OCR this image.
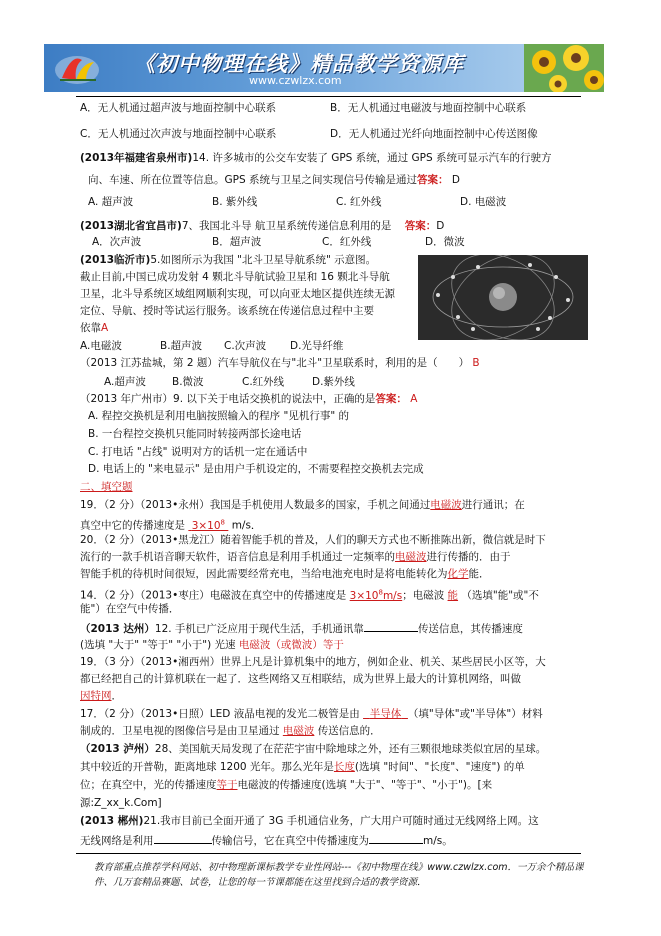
《初中物理在线》精品教学资源库
www.czwlzx.com
A．无人机通过超声波与地面控制中心联系	B．无人机通过电磁波与地面控制中心联系
C．无人机通过次声波与地面控制中心联系	D．无人机通过光纤向地面控制中心传送图像
(2013年福建省泉州市)14. 许多城市的公交车安装了 GPS 系统，通过 GPS 系统可显示汽车的行驶方
向、车速、所在位置等信息。GPS 系统与卫星之间实现信号传输是通过答案： D
A. 超声波	B. 紫外线	C. 红外线	D. 电磁波
(2013湖北省宜昌市)7、我国北斗导 航卫星系统传递信息利用的是 答案：D
A．次声波	B．超声波	C．红外线	D．微波
(2013临沂市)5.如图所示为我国 "北斗卫星导航系统" 示意图。
截止目前,中国已成功发射 4 颗北斗导航试验卫星和 16 颗北斗导航
卫星，北斗导系统区域组网顺利实现，可以向亚太地区提供连续无源
定位、导航、授时等试运行服务。该系统在传递信息过程中主要
依靠A
A.电磁波	B.超声波 C.次声波 D.光导纤维
（2013 江苏盐城，第 2 题）汽车导航仪在与"北斗"卫星联系时，利用的是（　　） B
A.超声波 B.微波	C.红外线	D.紫外线
（2013 年广州市）9. 以下关于电话交换机的说法中，正确的是答案： A
A. 程控交换机是利用电脑按照输入的程序 "见机行事" 的
B. 一台程控交换机只能同时转接两部长途电话
C. 打电话 "占线" 说明对方的话机一定在通话中
D. 电话上的 "来电显示" 是由用户手机设定的，不需要程控交换机去完成
二、填空题
19．（2 分）（2013•永州）我国是手机使用人数最多的国家，手机之间通过电磁波进行通讯；在
真空中它的传播速度是 $3\times 10^8$ m/s．
20．（2 分）（2013•黑龙江）随着智能手机的普及，人们的聊天方式也不断推陈出新，微信就是时下
流行的一款手机语音聊天软件，语音信息是利用手机通过一定频率的电磁波进行传播的．由于
智能手机的待机时间很短，因此需要经常充电，当给电池充电时是将电能转化为化学能．
14．（2 分）（2013•枣庄）电磁波在真空中的传播速度是 $3\times 10^8m/s$；电磁波 能 （选填"能"或"不
能"）在空气中传播．
（2013 达州）12. 手机已广泛应用于现代生活，手机通讯靠	传送信息，其传播速度
(选填 "大于" "等于" "小于") 光速 电磁波（或微波）等于
19．（3 分）（2013•湘西州）世界上凡是计算机集中的地方，例如企业、机关、某些居民小区等，大
都已经把自己的计算机联在一起了．这些网络又互相联结，成为世界上最大的计算机网络，叫做
因特网．
17．（2 分）（2013•日照）LED 液晶电视的发光二极管是由 半导体 （填"导体"或"半导体"）材料
制成的．卫星电视的图像信号是由卫星通过 电磁波 传送信息的．
（2013 泸州）28、美国航天局发现了在茫茫宇宙中除地球之外，还有三颗很地球类似宜居的星球。
其中较近的开普勒，距离地球 1200 光年。那么光年是长度(选填 "时间"、"长度"、"速度") 的单
位；在真空中，光的传播速度等于电磁波的传播速度(选填 "大于"、"等于"、"小于")。[来
源:Z_xx_k.Com]
(2013 郴州)21.我市目前已全面开通了 3G 手机通信业务，广大用户可随时通过无线网络上网。这
无线网络是利用	传输信号，它在真空中传播速度为	m/s。
教育部重点推荐学科网站、初中物理新课标教学专业性网站---《初中物理在线》www.czwlzx.com．一万余个精品课
件、几万套精品赛题、试卷，让您的每一节课都能在这里找到合适的教学资源．
